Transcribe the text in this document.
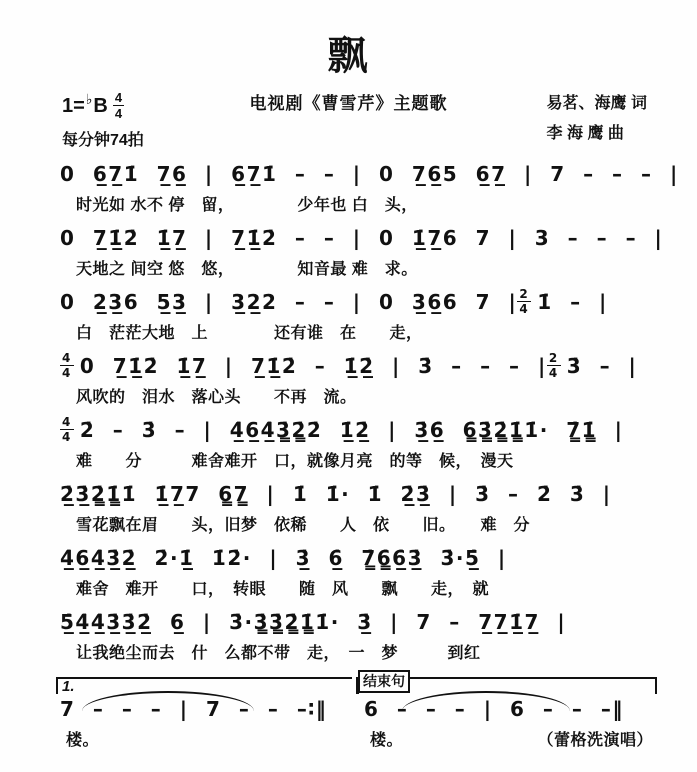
飘
电视剧《曹雪芹》主题歌
1= ♭ B $\frac{4}{4}$
每分钟74拍
易茗、海鹰 词
李 海 鹰 曲
0 6̲7̲1̇ 7̲6̲ | 6̲7̲1̇ – – | 0 7̲6̲5 6̲7̲ | 7 – – – |
时光如 水不 停　留，　　　　 少年也 白　头，
0 7̲1̲̇2̇ 1̲̇7̲ | 7̲1̲̇2̇ – – | 0 1̲̇7̲6 7 | 3 – – – |
天地之 间空 悠　悠，　　　　 知音最 难　求。
0 2̲3̲6 5̲3̲ | 3̲2̲2 – – | 0 3̲6̲6 7 | $\frac{2}{4}$ 1̇ – |
白　茫茫大地　上　　　　还有谁　在　　走，
$\frac{4}{4} 0$ 7̲1̲̇2̇ 1̲̇7̲ | 7̲1̲̇2̇ – 1̲̇2̲̇ | 3̇ – – – | $\frac{2}{4}$ 3̇ – |
风吹的　泪水　落心头　　不再　流。
$\frac{4}{4}$ 2̇ – 3̇ – | 4̲̇6̲4̲̇3̳̇2̳̇2̇ 1̲̇2̲̇ | 3̲̇6̲̇ 6̳̇3̳̇2̳̇1̳̇1̇· 7̳̇1̳̇ |
难　　分　　　难舍难开　口，就像月亮　的等　候，　漫天
2̲̇3̲̇2̳̇1̳̇1̇ 1̲̇7̲7 6̳7̳ | 1̇ 1̇· 1̇ 2̲̇3̲̇ | 3̇ – 2̇ 3̇ |
雪花飘在眉　　头，旧梦　依稀　　人　依　　旧。　　难　分
4̲̇6̲4̲̇3̲̇2̲̇ 2̇·1̲̇ 1̇2̇· | 3̲̇ 6̲̇ 7̳̇6̳̇6̲̇3̲̇ 3̇·5̲̇ |
难舍　难开　　口，　转眼　　随　风　　飘　　走，　就
5̲̇4̲̇4̲̇3̲̇3̲̇2̲̇ 6̲ | 3̇·3̳̇3̳̇2̳̇1̳̇1̇· 3̲̇ | 7 – 7̲7̲1̲̇7̲ |
让我绝尘而去　什　么都不带　走，　一　梦　　　到红
1.
7 – – – | 7 – – – ∶‖
楼。
结束句
6 – – – | 6 – – – ‖
楼。	（蕾格洗演唱）
